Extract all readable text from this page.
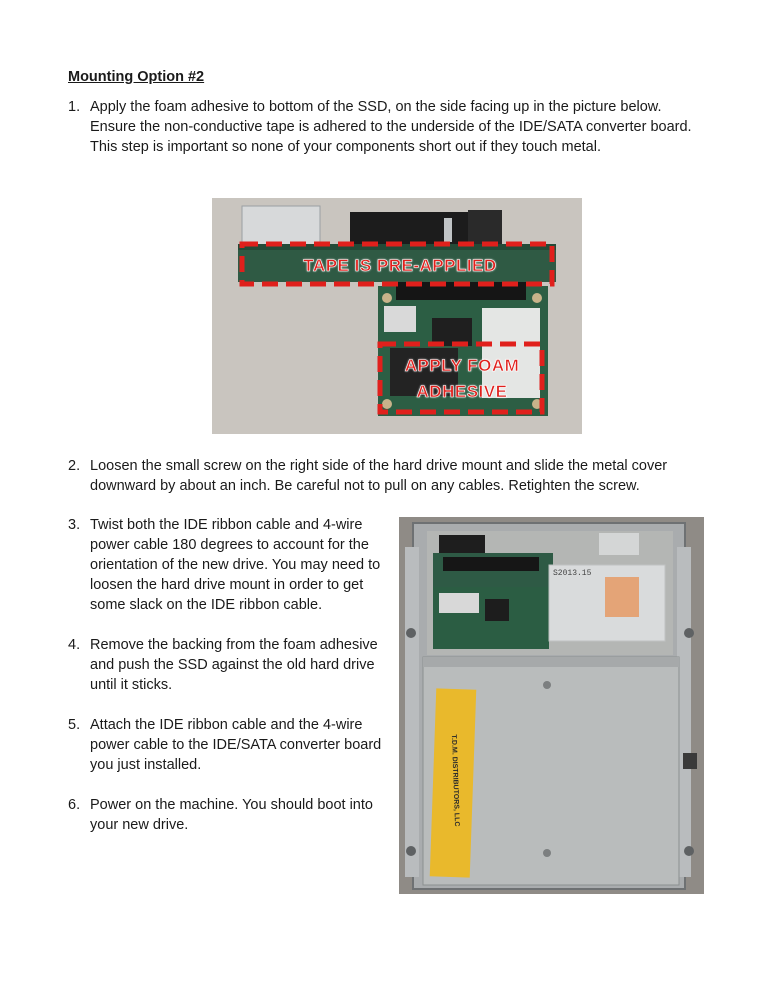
Mounting Option #2
1. Apply the foam adhesive to bottom of the SSD, on the side facing up in the picture below. Ensure the non-conductive tape is adhered to the underside of the IDE/SATA converter board. This step is important so none of your components short out if they touch metal.
TAPE IS PRE-APPLIED
APPLY FOAM
ADHESIVE
2. Loosen the small screw on the right side of the hard drive mount and slide the metal cover downward by about an inch. Be careful not to pull on any cables. Retighten the screw.
3. Twist both the IDE ribbon cable and 4-wire power cable 180 degrees to account for the orientation of the new drive. You may need to loosen the hard drive mount in order to get some slack on the IDE ribbon cable.
4. Remove the backing from the foam adhesive and push the SSD against the old hard drive until it sticks.
5. Attach the IDE ribbon cable and the 4-wire power cable to the IDE/SATA converter board you just installed.
6. Power on the machine. You should boot into your new drive.
S2013.15
T.D.M. DISTRIBUTORS, LLC
